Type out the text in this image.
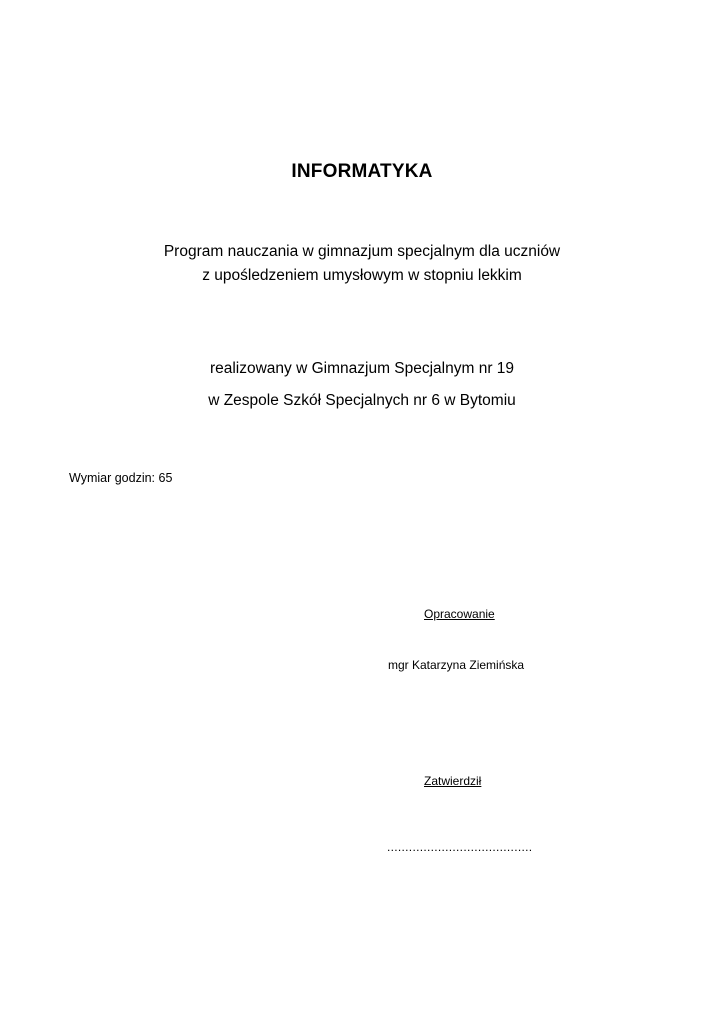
INFORMATYKA
Program nauczania w gimnazjum specjalnym dla uczniów
z upośledzeniem umysłowym w stopniu lekkim
realizowany w Gimnazjum Specjalnym nr 19
w Zespole Szkół Specjalnych nr 6 w Bytomiu
Wymiar godzin: 65
Opracowanie
mgr Katarzyna Ziemińska
Zatwierdził
........................................
